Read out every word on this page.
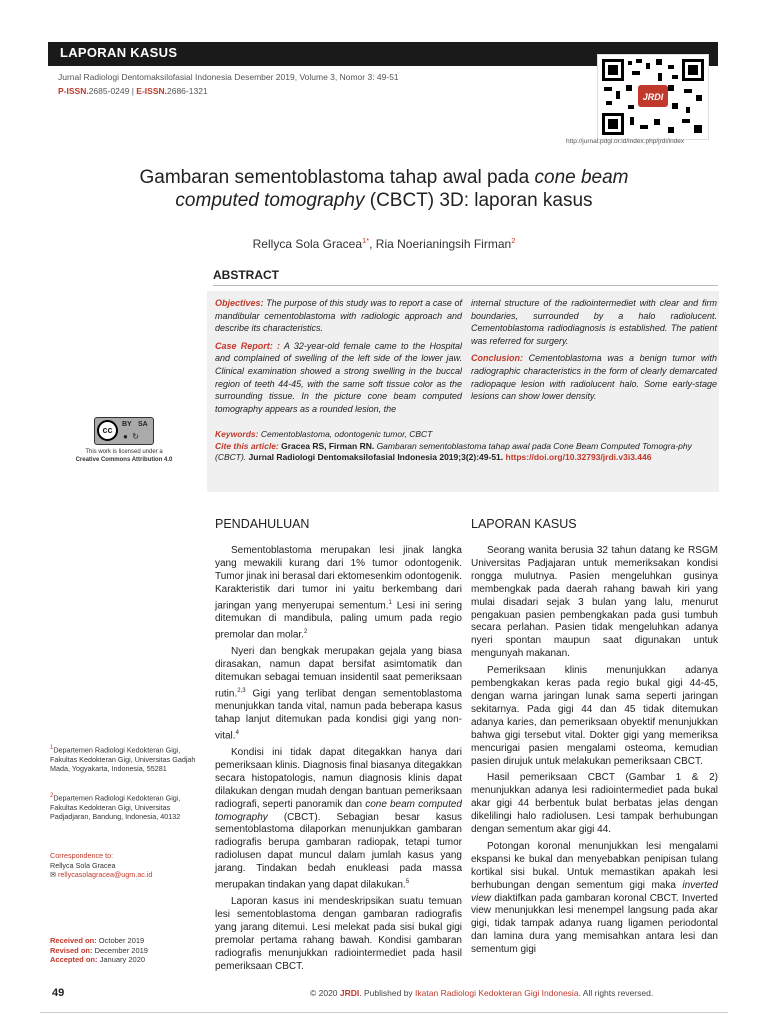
LAPORAN KASUS
Jurnal Radiologi Dentomaksilofasial Indonesia Desember 2019, Volume 3, Nomor 3: 49-51
P-ISSN.2685-0249 | E-ISSN.2686-1321
JRDI
http://jurnal.pdgi.or.id/index.php/jrdi/index
Gambaran sementoblastoma tahap awal pada cone beam
computed tomography (CBCT) 3D: laporan kasus
Rellyca Sola Gracea$^{1*}$, Ria Noerianingsih Firman$^2$
ABSTRACT

Objectives: The purpose of this study was to report a case of mandibular cementoblastoma with radiologic approach and describe its characteristics.

Case Report: : A 32-year-old female came to the Hospital and complained of swelling of the left side of the lower jaw. Clinical examination showed a strong swelling in the buccal region of teeth 44-45, with the same soft tissue color as the surrounding tissue. In the picture cone beam computed tomography appears as a rounded lesion, the

internal structure of the radiointermediet with clear and firm boundaries, surrounded by a halo radiolucent. Cementoblastoma radiodiagnosis is established. The patient was referred for surgery.

Conclusion: Cementoblastoma was a benign tumor with radiographic characteristics in the form of clearly demarcated radiopaque lesion with radiolucent halo. Some early-stage lesions can show lower density.

Keywords: Cementoblastoma, odontogenic tumor, CBCT
Cite this article: Gracea RS, Firman RN. Gambaran sementoblastoma tahap awal pada Cone Beam Computed Tomogra-phy (CBCT). Jurnal Radiologi Dentomaksilofasial Indonesia 2019;3(2):49-51. https://doi.org/10.32793/jrdi.v3i3.446
cc
BY SA
●  ↻
This work is licensed under a
Creative Commons Attribution 4.0
$^1$Departemen Radiologi Kedokteran Gigi, Fakultas Kedokteran Gigi, Universitas Gadjah Mada, Yogyakarta, Indonesia, 55281
$^2$Departemen Radiologi Kedokteran Gigi, Fakultas Kedokteran Gigi, Universitas Padjadjaran, Bandung, Indonesia, 40132
Correspondence to:
Rellyca Sola Gracea
✉ rellycasolagracea@ugm.ac.id
Received on: October 2019
Revised on: December 2019
Accepted on: January 2020
PENDAHULUAN

Sementoblastoma merupakan lesi jinak langka yang mewakili kurang dari 1% tumor odontogenik. Tumor jinak ini berasal dari ektomesenkim odontogenik. Karakteristik dari tumor ini yaitu berkembang dari jaringan yang menyerupai sementum.$^1$ Lesi ini sering ditemukan di mandibula, paling umum pada regio premolar dan molar.$^2$

Nyeri dan bengkak merupakan gejala yang biasa dirasakan, namun dapat bersifat asimtomatik dan ditemukan sebagai temuan insidentil saat pemeriksaan rutin.$^{2,3}$ Gigi yang terlibat dengan sementoblastoma menunjukkan tanda vital, namun pada beberapa kasus tahap lanjut ditemukan pada kondisi gigi yang non-vital.$^4$

Kondisi ini tidak dapat ditegakkan hanya dari pemeriksaan klinis. Diagnosis final biasanya ditegakkan secara histopatologis, namun diagnosis klinis dapat dilakukan dengan mudah dengan bantuan pemeriksaan radiografi, seperti panoramik dan cone beam computed tomography (CBCT). Sebagian besar kasus sementoblastoma dilaporkan menunjukkan gambaran radiografis berupa gambaran radiopak, tetapi tumor radiolusen dapat muncul dalam jumlah kasus yang jarang. Tindakan bedah enukleasi pada massa merupakan tindakan yang dapat dilakukan.$^5$

Laporan kasus ini mendeskripsikan suatu temuan lesi sementoblastoma dengan gambaran radiografis yang jarang ditemui. Lesi melekat pada sisi bukal gigi premolar pertama rahang bawah. Kondisi gambaran radiografis menunjukkan radiointermediet pada hasil pemeriksaan CBCT.

LAPORAN KASUS

Seorang wanita berusia 32 tahun datang ke RSGM Universitas Padjajaran untuk memeriksakan kondisi rongga mulutnya. Pasien mengeluhkan gusinya membengkak pada daerah rahang bawah kiri yang mulai disadari sejak 3 bulan yang lalu, menurut pengakuan pasien pembengkakan pada gusi tumbuh secara perlahan. Pasien tidak mengeluhkan adanya nyeri spontan maupun saat digunakan untuk mengunyah makanan.

Pemeriksaan klinis menunjukkan adanya pembengkakan keras pada regio bukal gigi 44-45, dengan warna jaringan lunak sama seperti jaringan sekitarnya. Pada gigi 44 dan 45 tidak ditemukan adanya karies, dan pemeriksaan obyektif menunjukkan bahwa gigi tersebut vital. Dokter gigi yang memeriksa mencurigai pasien mengalami osteoma, kemudian pasien dirujuk untuk melakukan pemeriksaan CBCT.

Hasil pemeriksaan CBCT (Gambar 1 & 2) menunjukkan adanya lesi radiointermediet pada bukal akar gigi 44 berbentuk bulat berbatas jelas dengan dikelilingi halo radiolusen. Lesi tampak berhubungan dengan sementum akar gigi 44.

Potongan koronal menunjukkan lesi mengalami ekspansi ke bukal dan menyebabkan penipisan tulang kortikal sisi bukal. Untuk memastikan apakah lesi berhubungan dengan sementum gigi maka inverted view diaktifkan pada gambaran koronal CBCT. Inverted view menunjukkan lesi menempel langsung pada akar gigi, tidak tampak adanya ruang ligamen periodontal dan lamina dura yang memisahkan antara lesi dan sementum gigi

49	© 2020 JRDI. Published by Ikatan Radiologi Kedokteran Gigi Indonesia. All rights reversed.
